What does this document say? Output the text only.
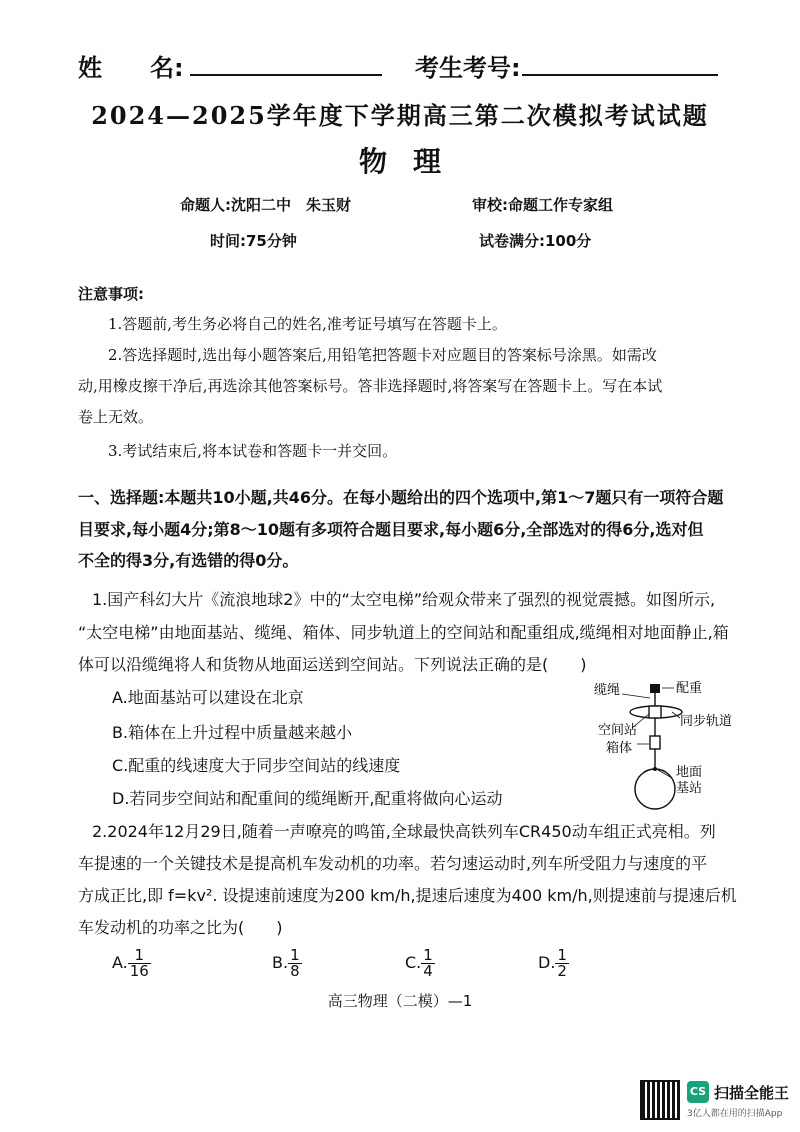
姓　　名:	考生考号:
2024—2025学年度下学期高三第二次模拟考试试题
物理
命题人:沈阳二中　朱玉财	审校:命题工作专家组
时间:75分钟	试卷满分:100分
注意事项:
1.答题前,考生务必将自己的姓名,准考证号填写在答题卡上。
2.答选择题时,选出每小题答案后,用铅笔把答题卡对应题目的答案标号涂黑。如需改
动,用橡皮擦干净后,再选涂其他答案标号。答非选择题时,将答案写在答题卡上。写在本试
卷上无效。
3.考试结束后,将本试卷和答题卡一并交回。
一、选择题:本题共10小题,共46分。在每小题给出的四个选项中,第1～7题只有一项符合题
目要求,每小题4分;第8～10题有多项符合题目要求,每小题6分,全部选对的得6分,选对但
不全的得3分,有选错的得0分。
1.国产科幻大片《流浪地球2》中的“太空电梯”给观众带来了强烈的视觉震撼。如图所示,
“太空电梯”由地面基站、缆绳、箱体、同步轨道上的空间站和配重组成,缆绳相对地面静止,箱
体可以沿缆绳将人和货物从地面运送到空间站。下列说法正确的是(　　)
A.地面基站可以建设在北京
B.箱体在上升过程中质量越来越小
C.配重的线速度大于同步空间站的线速度
D.若同步空间站和配重间的缆绳断开,配重将做向心运动
缆绳	配重
同步轨道
空间站
箱体
地面
基站
2.2024年12月29日,随着一声嘹亮的鸣笛,全球最快高铁列车CR450动车组正式亮相。列
车提速的一个关键技术是提高机车发动机的功率。若匀速运动时,列车所受阻力与速度的平
方成正比,即 f=kv². 设提速前速度为200 km/h,提速后速度为400 km/h,则提速前与提速后机
车发动机的功率之比为(　　)
A. $\frac{1}{16}$	B. $\frac{1}{8}$	C. $\frac{1}{4}$	D. $\frac{1}{2}$
高三物理（二模）—1
CS 扫描全能王
3亿人都在用的扫描App
